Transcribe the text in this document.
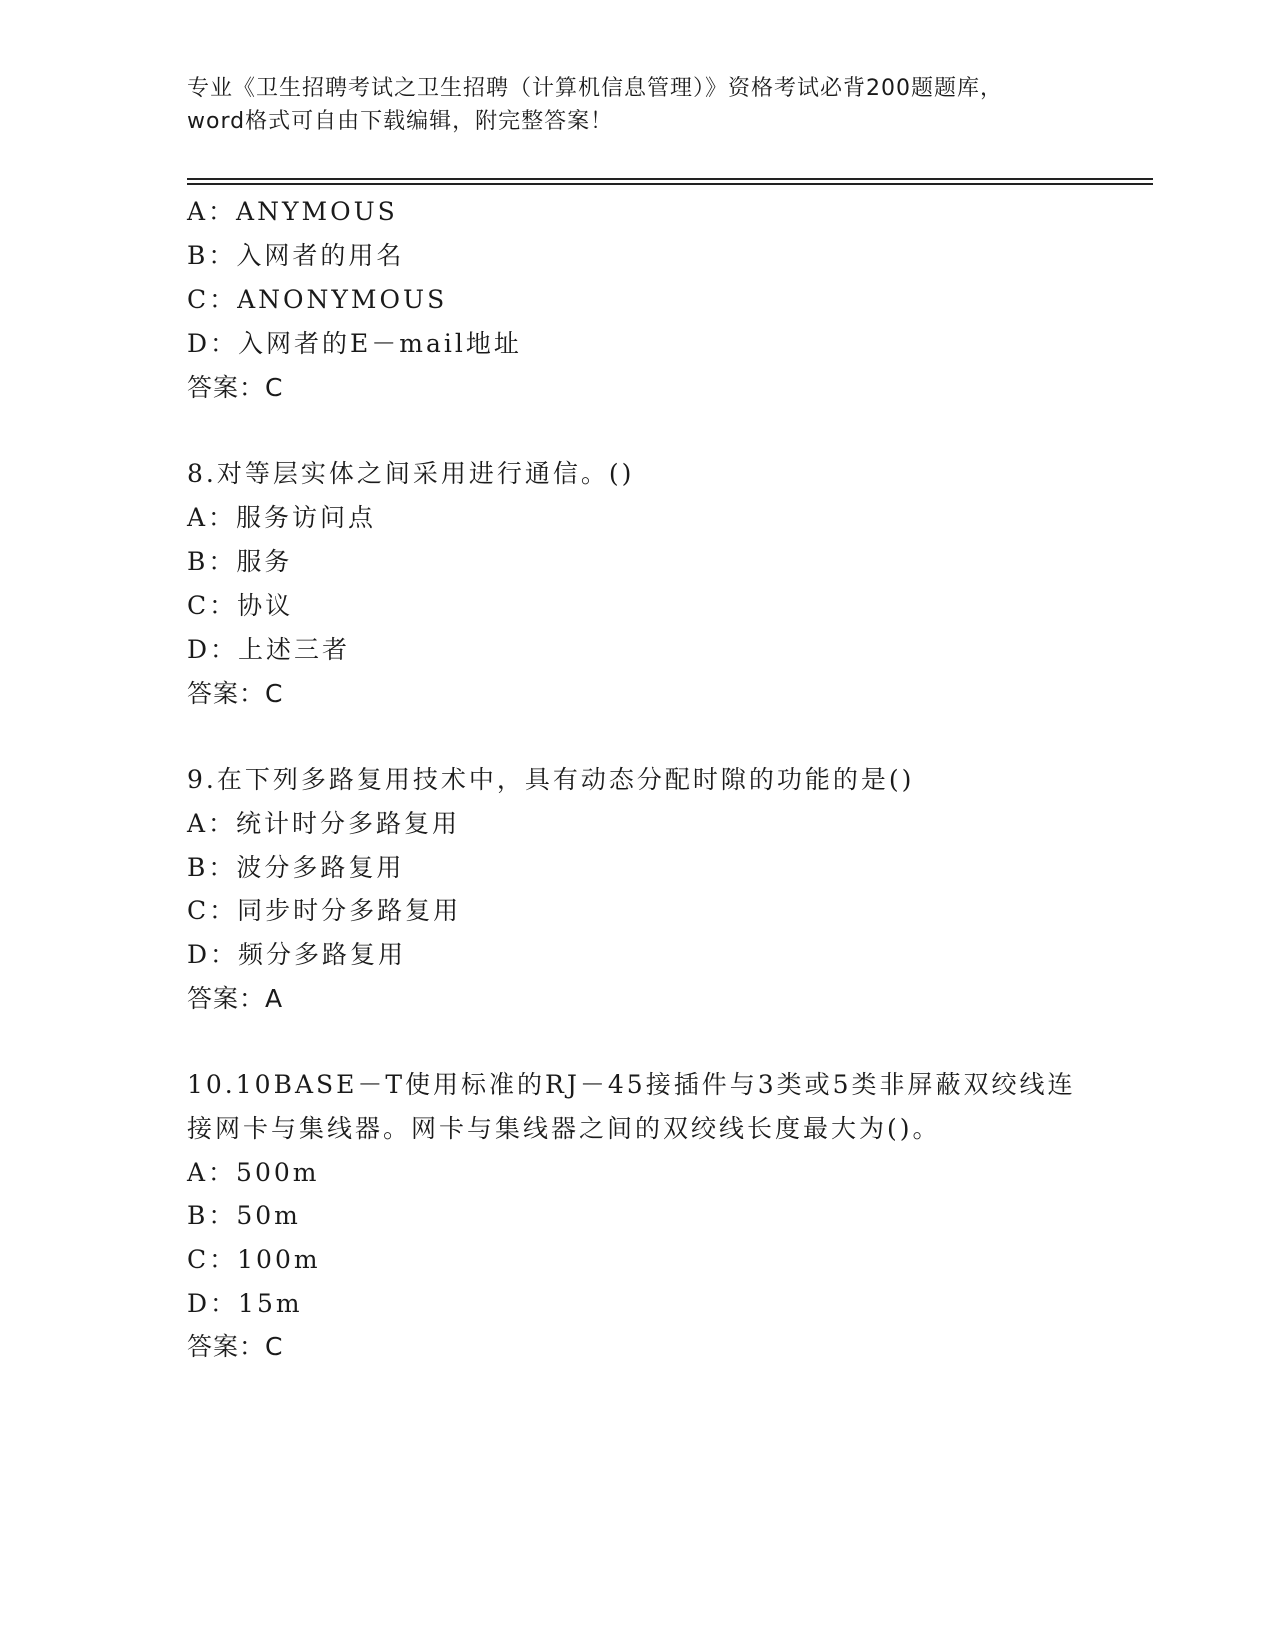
专业《卫生招聘考试之卫生招聘（计算机信息管理）》资格考试必背200题题库，
word格式可自由下载编辑，附完整答案！
A：ANYMOUS
B：入网者的用名
C：ANONYMOUS
D：入网者的E－mail地址
答案：C
8.对等层实体之间采用进行通信。()
A：服务访问点
B：服务
C：协议
D：上述三者
答案：C
9.在下列多路复用技术中，具有动态分配时隙的功能的是()
A：统计时分多路复用
B：波分多路复用
C：同步时分多路复用
D：频分多路复用
答案：A
10.10BASE－T使用标准的RJ－45接插件与3类或5类非屏蔽双绞线连
接网卡与集线器。网卡与集线器之间的双绞线长度最大为()。
A：500m
B：50m
C：100m
D：15m
答案：C
